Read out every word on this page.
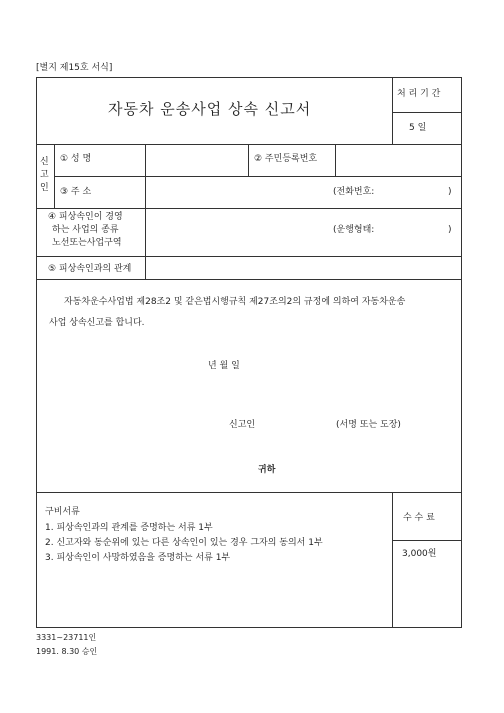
[별지 제15호 서식]
자동차 운송사업 상속 신고서
처 리 기 간
5 일
신
고
인
① 성 명	② 주민등록번호
③ 주 소	(전화번호:	)
④ 피상속인이 경영
하는 사업의 종류
노선또는사업구역
(운행형태:	)
⑤ 피상속인과의 관계
자동차운수사업법 제28조2 및 같은법시행규칙 제27조의2의 규정에 의하여 자동차운송
사업 상속신고를 합니다.
년 월 일
신고인	(서명 또는 도장)
귀하
구비서류
1. 피상속인과의 관계를 증명하는 서류 1부
2. 신고자와 동순위에 있는 다른 상속인이 있는 경우 그자의 동의서 1부
3. 피상속인이 사망하였음을 증명하는 서류 1부
수 수 료
3,000원
3331~23711인
1991. 8.30 승인
